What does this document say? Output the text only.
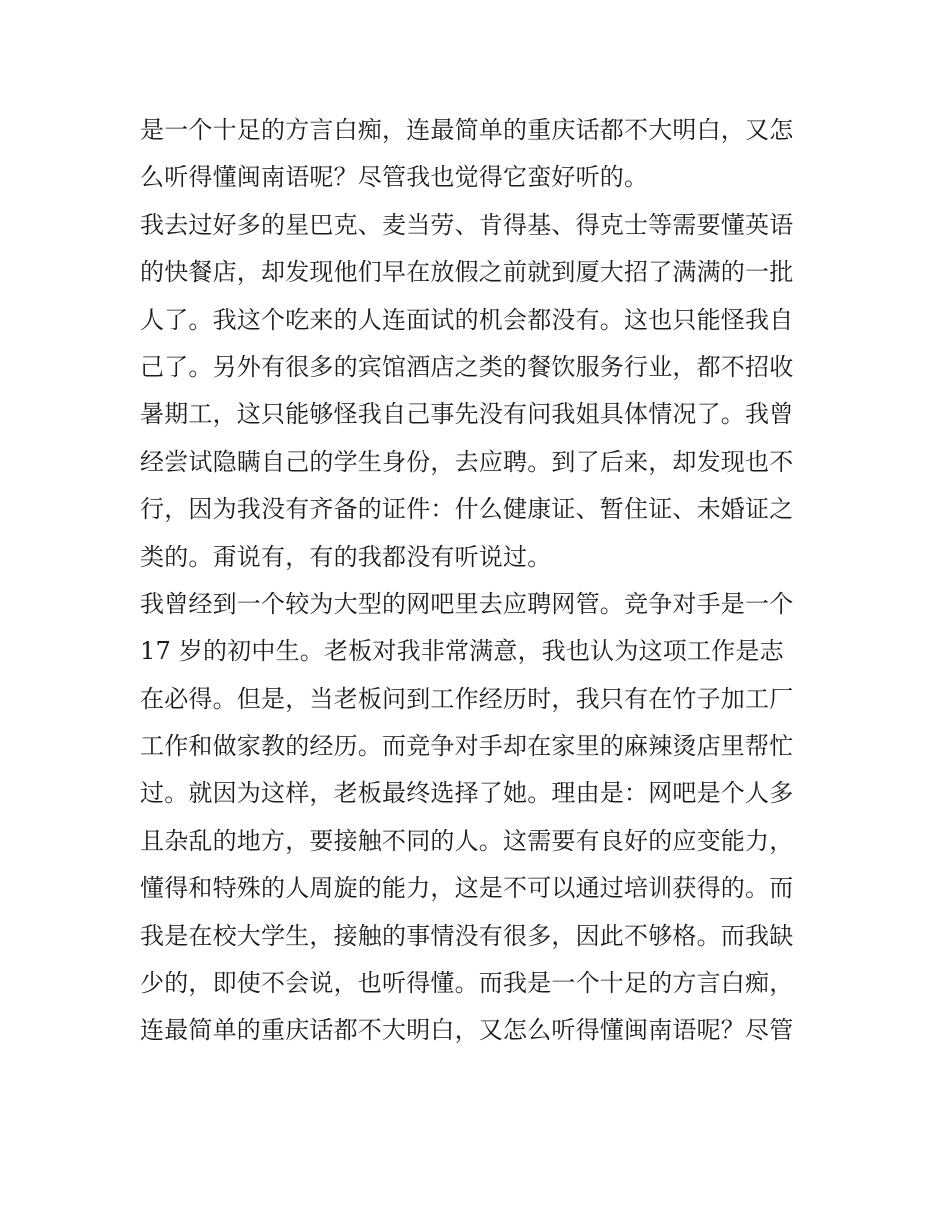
是一个十足的方言白痴，连最简单的重庆话都不大明白，又怎
么听得懂闽南语呢？尽管我也觉得它蛮好听的。
我去过好多的星巴克、麦当劳、肯得基、得克士等需要懂英语
的快餐店，却发现他们早在放假之前就到厦大招了满满的一批
人了。我这个吃来的人连面试的机会都没有。这也只能怪我自
己了。另外有很多的宾馆酒店之类的餐饮服务行业，都不招收
暑期工，这只能够怪我自己事先没有问我姐具体情况了。我曾
经尝试隐瞒自己的学生身份，去应聘。到了后来，却发现也不
行，因为我没有齐备的证件：什么健康证、暂住证、未婚证之
类的。甭说有，有的我都没有听说过。
我曾经到一个较为大型的网吧里去应聘网管。竞争对手是一个
17 岁的初中生。老板对我非常满意，我也认为这项工作是志
在必得。但是，当老板问到工作经历时，我只有在竹子加工厂
工作和做家教的经历。而竞争对手却在家里的麻辣烫店里帮忙
过。就因为这样，老板最终选择了她。理由是：网吧是个人多
且杂乱的地方，要接触不同的人。这需要有良好的应变能力，
懂得和特殊的人周旋的能力，这是不可以通过培训获得的。而
我是在校大学生，接触的事情没有很多，因此不够格。而我缺
少的，即使不会说，也听得懂。而我是一个十足的方言白痴，
连最简单的重庆话都不大明白，又怎么听得懂闽南语呢？尽管
